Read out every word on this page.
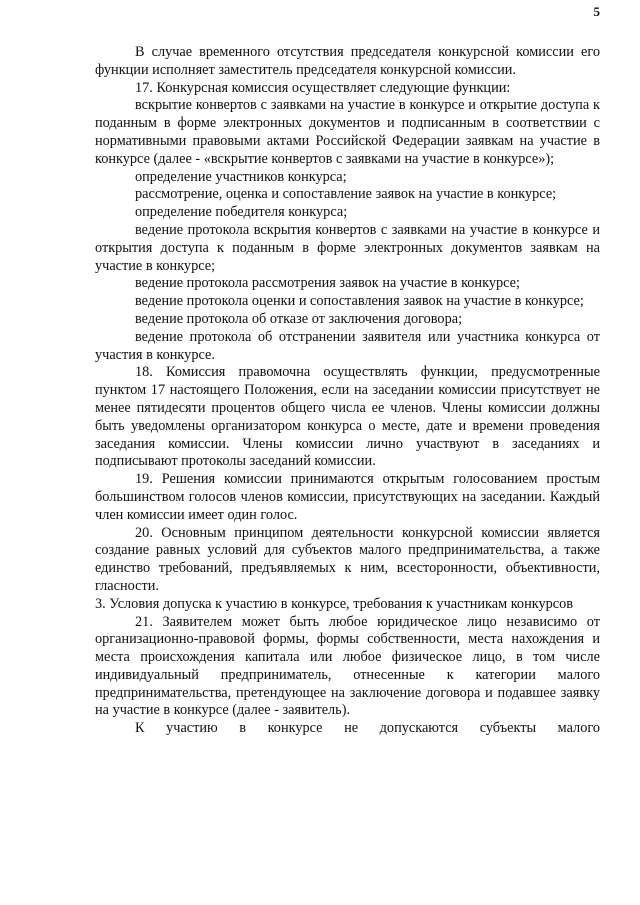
5

В случае временного отсутствия председателя конкурсной комиссии его функции исполняет заместитель председателя конкурсной комиссии.

17. Конкурсная комиссия осуществляет следующие функции:

вскрытие конвертов с заявками на участие в конкурсе и открытие доступа к поданным в форме электронных документов и подписанным в соответствии с нормативными правовыми актами Российской Федерации заявкам на участие в конкурсе (далее - «вскрытие конвертов с заявками на участие в конкурсе»);

определение участников конкурса;

рассмотрение, оценка и сопоставление заявок на участие в конкурсе;

определение победителя конкурса;

ведение протокола вскрытия конвертов с заявками на участие в конкурсе и открытия доступа к поданным в форме электронных документов заявкам на участие в конкурсе;

ведение протокола рассмотрения заявок на участие в конкурсе;

ведение протокола оценки и сопоставления заявок на участие в конкурсе;

ведение протокола об отказе от заключения договора;

ведение протокола об отстранении заявителя или участника конкурса от участия в конкурсе.

18. Комиссия правомочна осуществлять функции, предусмотренные пунктом 17 настоящего Положения, если на заседании комиссии присутствует не менее пятидесяти процентов общего числа ее членов. Члены комиссии должны быть уведомлены организатором конкурса о месте, дате и времени проведения заседания комиссии. Члены комиссии лично участвуют в заседаниях и подписывают протоколы заседаний комиссии.

19. Решения комиссии принимаются открытым голосованием простым большинством голосов членов комиссии, присутствующих на заседании. Каждый член комиссии имеет один голос.

20. Основным принципом деятельности конкурсной комиссии является создание равных условий для субъектов малого предпринимательства, а также единство требований, предъявляемых к ним, всесторонности, объективности, гласности.

3. Условия допуска к участию в конкурсе, требования к участникам конкурсов

21. Заявителем может быть любое юридическое лицо независимо от организационно-правовой формы, формы собственности, места нахождения и места происхождения капитала или любое физическое лицо, в том числе индивидуальный предприниматель, отнесенные к категории малого предпринимательства, претендующее на заключение договора и подавшее заявку на участие в конкурсе (далее - заявитель).

К участию в конкурсе не допускаются субъекты малого
